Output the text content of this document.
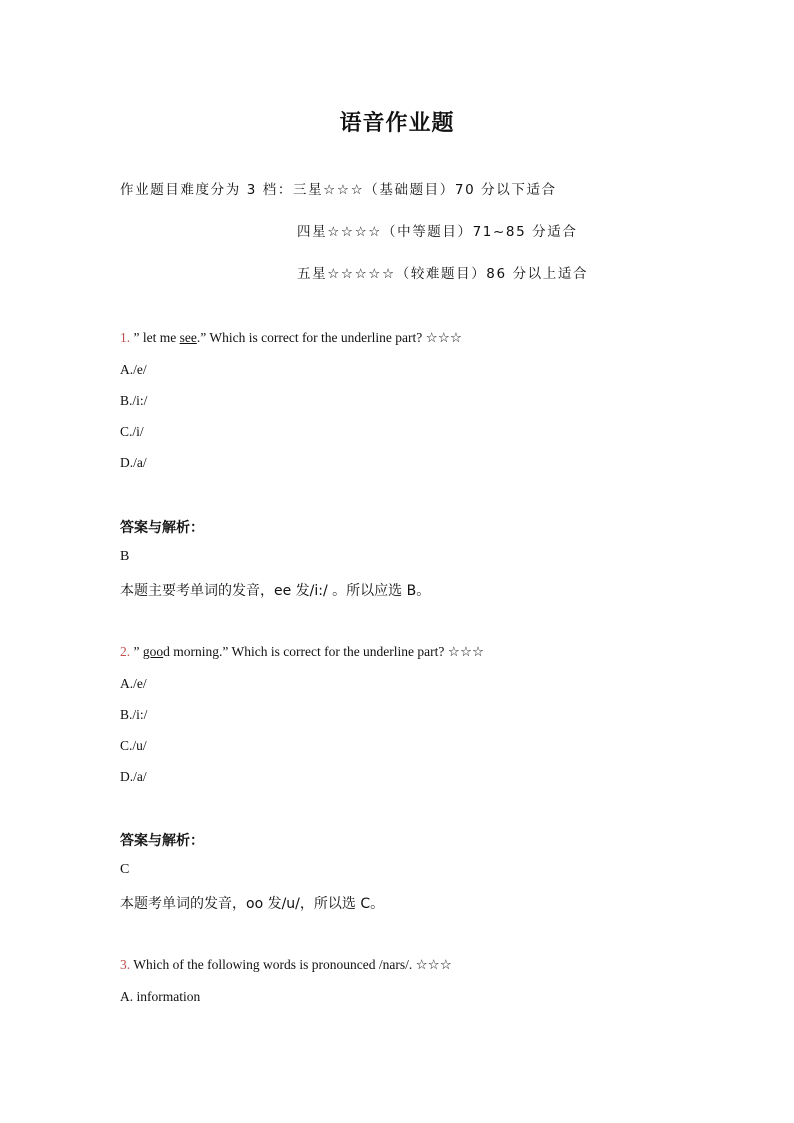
语音作业题
作业题目难度分为 3 档：三星☆☆☆（基础题目）70 分以下适合
四星☆☆☆☆（中等题目）71~85 分适合
五星☆☆☆☆☆（较难题目）86 分以上适合
1. ” let me see.” Which is correct for the underline part? ☆☆☆
A./e/
B./i:/
C./i/
D./a/
答案与解析：
B
本题主要考单词的发音，ee 发/i:/ 。所以应选 B。
2. ” good morning.” Which is correct for the underline part? ☆☆☆
A./e/
B./i:/
C./u/
D./a/
答案与解析：
C
本题考单词的发音，oo 发/u/，所以选 C。
3. Which of the following words is pronounced /nars/. ☆☆☆
A. information
